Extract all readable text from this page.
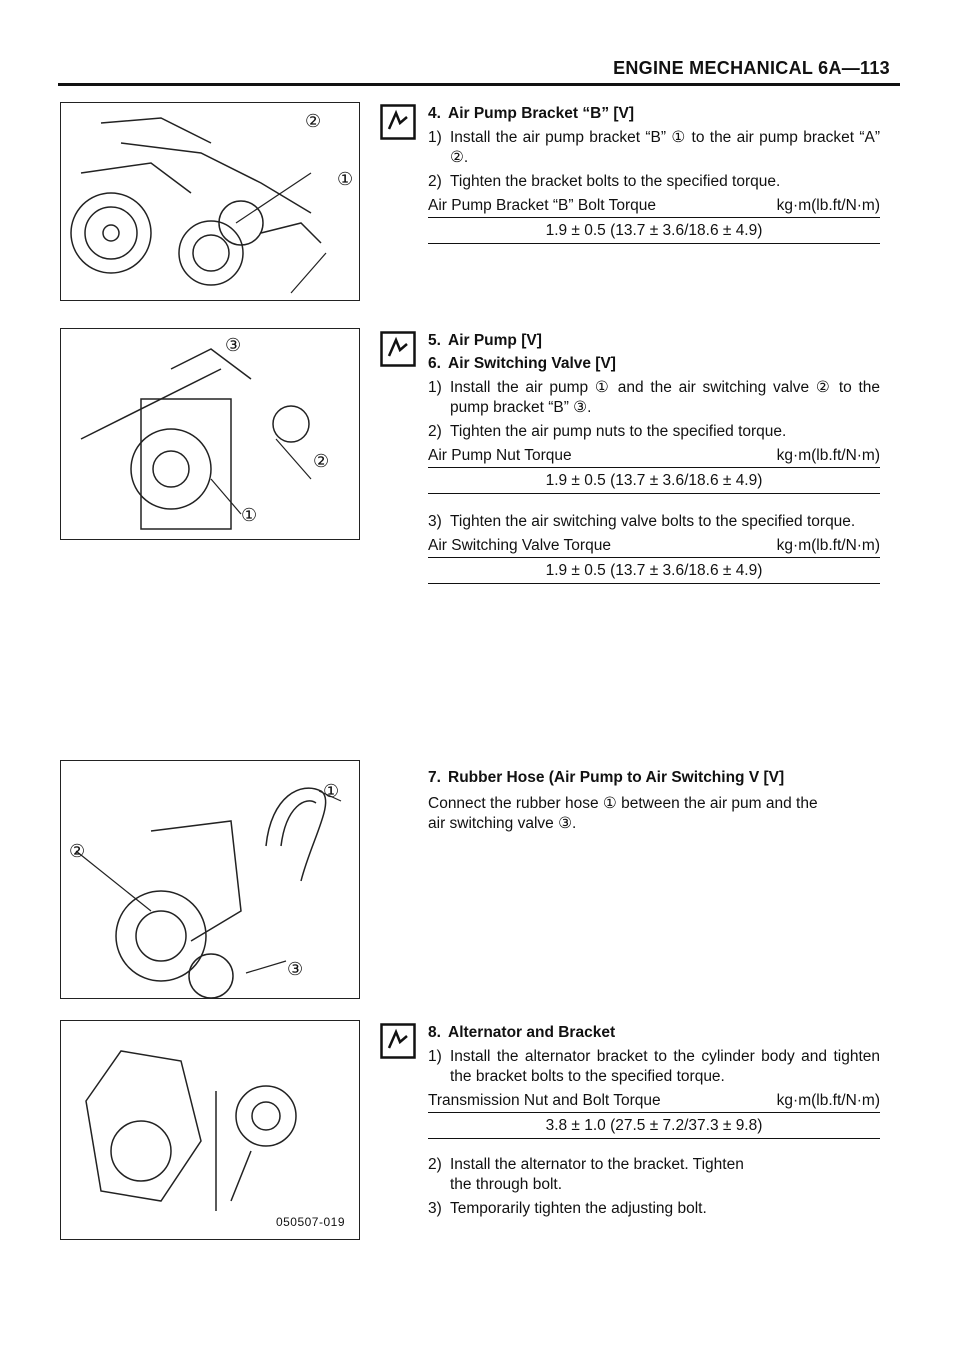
ENGINE MECHANICAL 6A—113
②
①
③
②
①
①
②
③
050507-019
4. Air Pump Bracket “B” [V]
1) Install the air pump bracket “B” ① to the air pump bracket “A” ②.
2) Tighten the bracket bolts to the specified torque.
Air Pump Bracket “B” Bolt Torque	kg·m(lb.ft/N·m)
1.9 ± 0.5 (13.7 ± 3.6/18.6 ± 4.9)
5. Air Pump [V]
6. Air Switching Valve [V]
1) Install the air pump ① and the air switching valve ② to the pump bracket “B” ③.
2) Tighten the air pump nuts to the specified torque.
Air Pump Nut Torque	kg·m(lb.ft/N·m)
1.9 ± 0.5 (13.7 ± 3.6/18.6 ± 4.9)
3) Tighten the air switching valve bolts to the specified torque.
Air Switching Valve Torque	kg·m(lb.ft/N·m)
1.9 ± 0.5 (13.7 ± 3.6/18.6 ± 4.9)
7. Rubber Hose (Air Pump to Air Switching V [V]
Connect the rubber hose ① between the air pum and the air switching valve ③.
8. Alternator and Bracket
1) Install the alternator bracket to the cylinder body and tighten the bracket bolts to the specified torque.
Transmission Nut and Bolt Torque	kg·m(lb.ft/N·m)
3.8 ± 1.0 (27.5 ± 7.2/37.3 ± 9.8)
2) Install the alternator to the bracket. Tighten the through bolt.
3) Temporarily tighten the adjusting bolt.
